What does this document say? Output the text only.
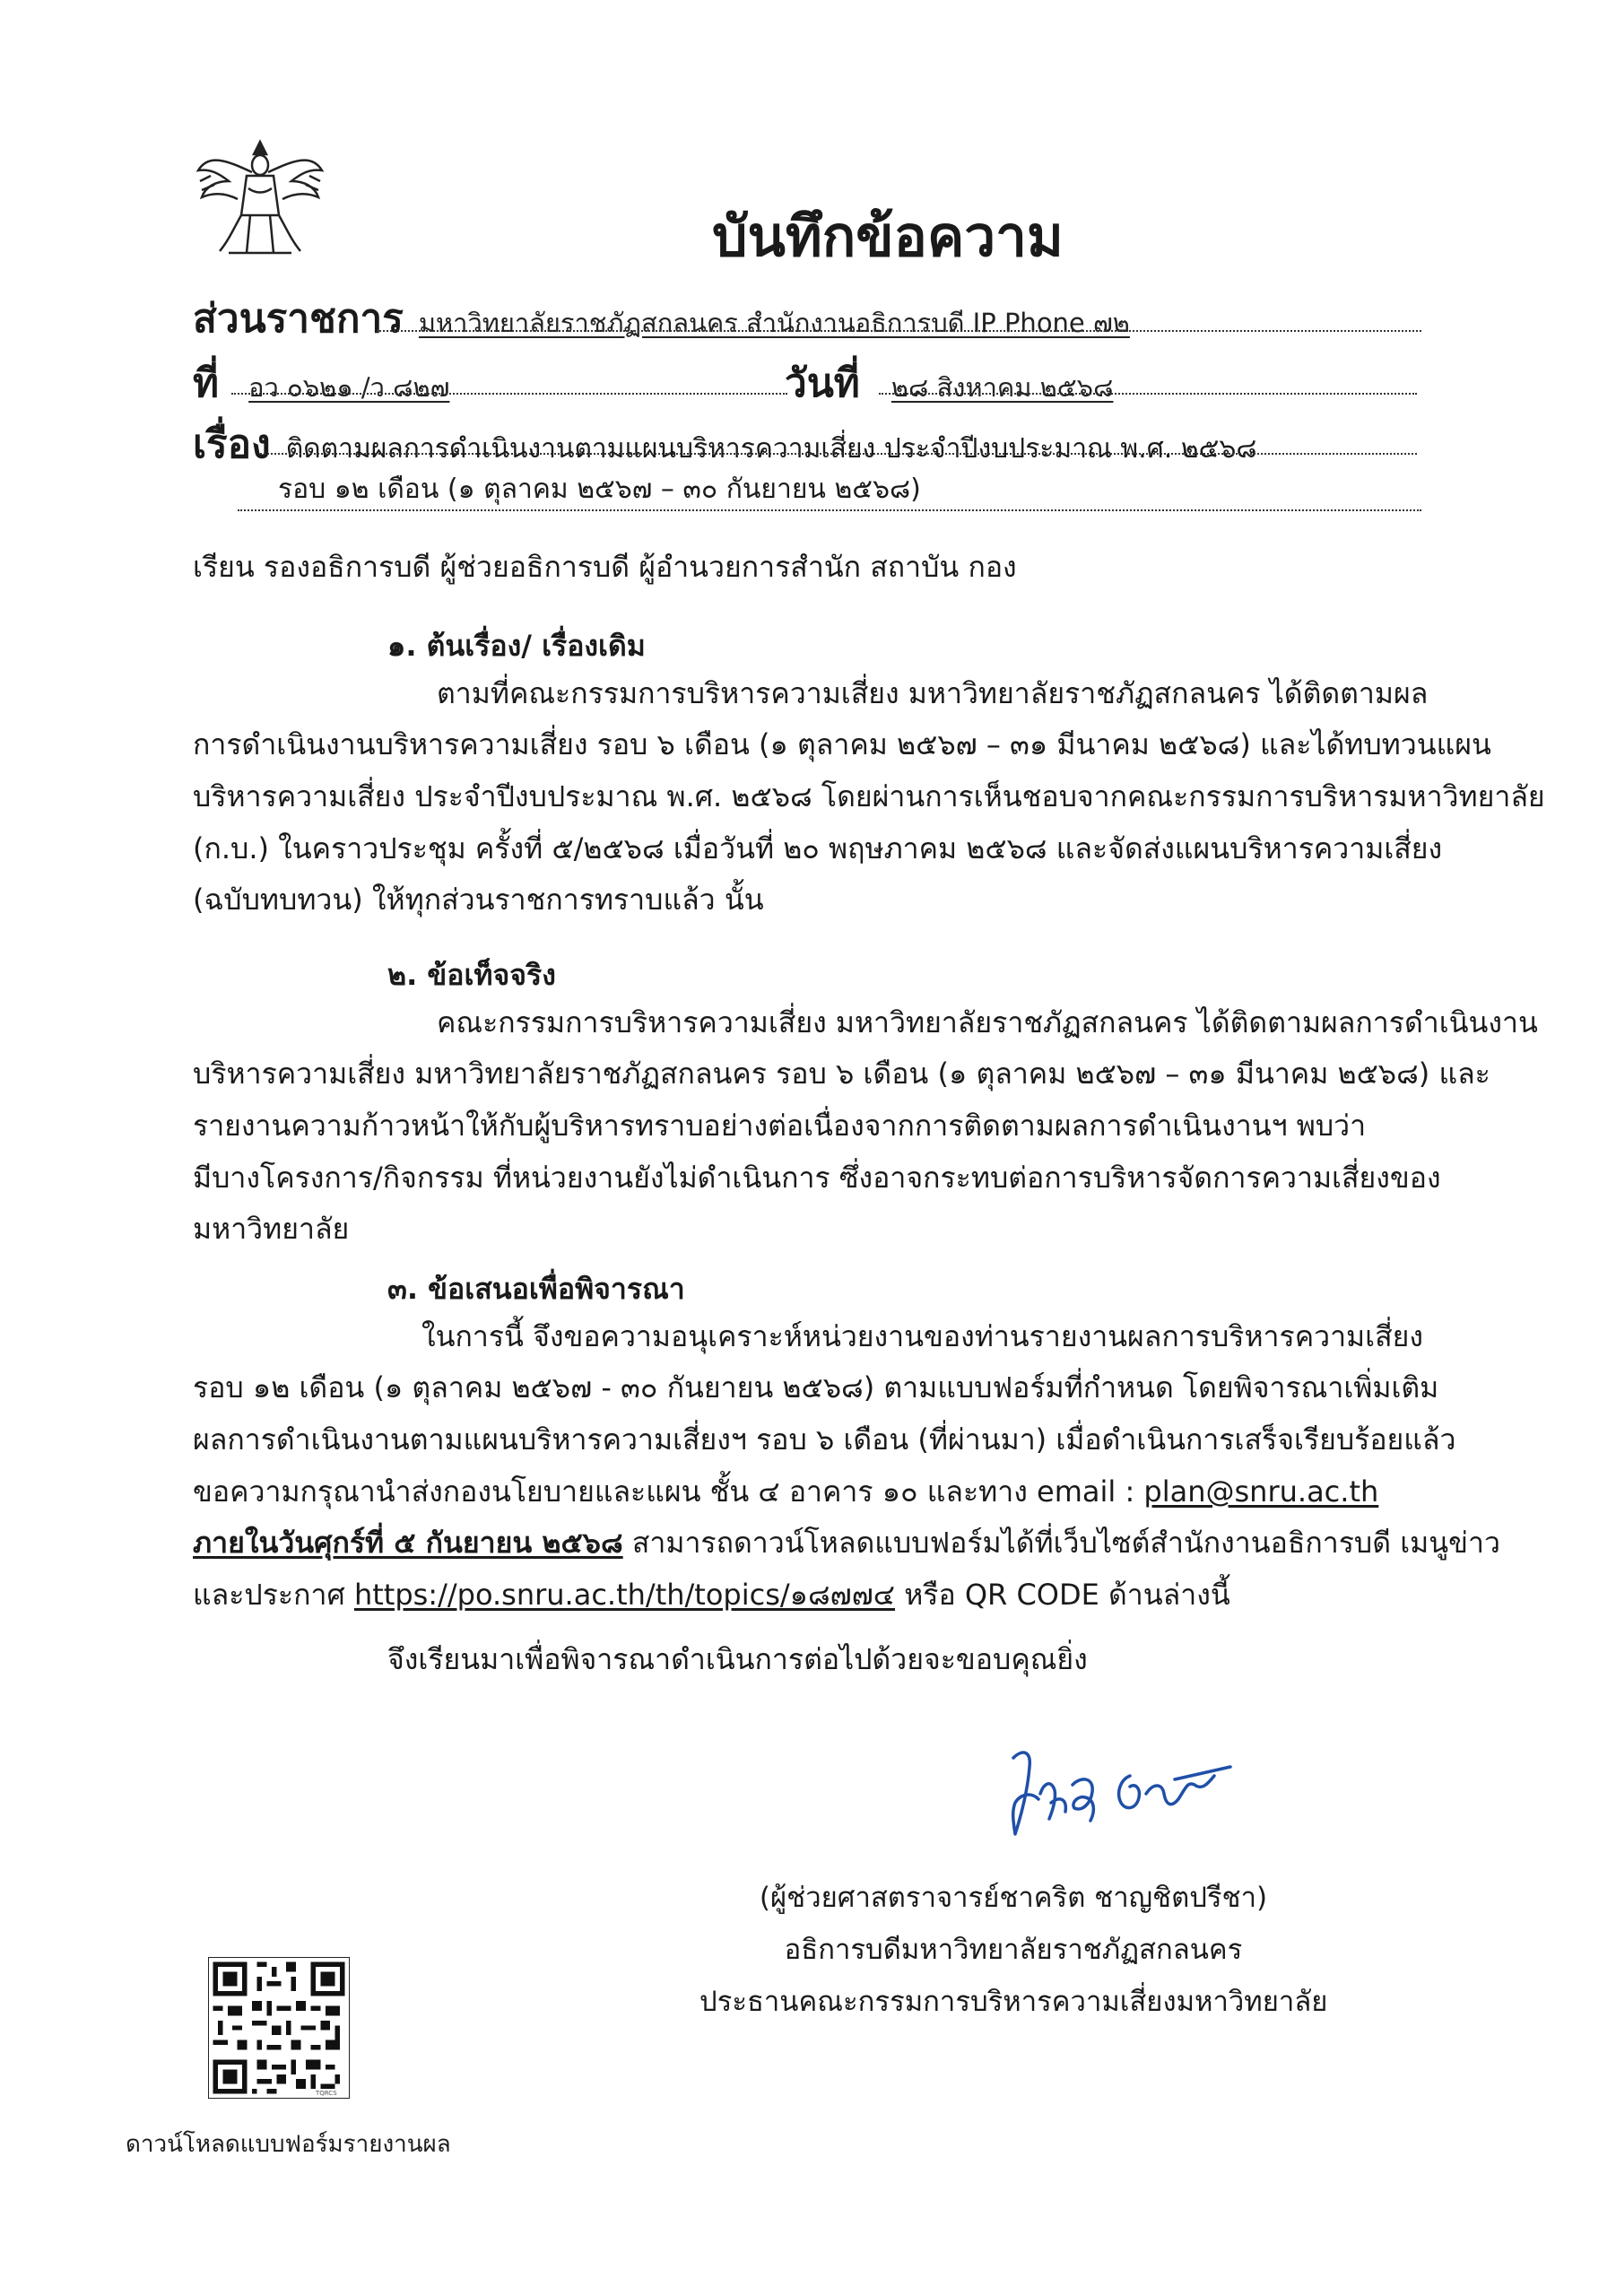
บันทึกข้อความ
ส่วนราชการ มหาวิทยาลัยราชภัฏสกลนคร สำนักงานอธิการบดี IP Phone ๗๒
ที่ อว ๐๖๒๑ /ว ๘๒๗	วันที่ ๒๘ สิงหาคม ๒๕๖๘
เรื่อง ติดตามผลการดำเนินงานตามแผนบริหารความเสี่ยง ประจำปีงบประมาณ พ.ศ. ๒๕๖๘
รอบ ๑๒ เดือน (๑ ตุลาคม ๒๕๖๗ – ๓๐ กันยายน ๒๕๖๘)
เรียน รองอธิการบดี ผู้ช่วยอธิการบดี ผู้อำนวยการสำนัก สถาบัน กอง
๑. ต้นเรื่อง/ เรื่องเดิม
ตามที่คณะกรรมการบริหารความเสี่ยง มหาวิทยาลัยราชภัฏสกลนคร ได้ติดตามผล
การดำเนินงานบริหารความเสี่ยง รอบ ๖ เดือน (๑ ตุลาคม ๒๕๖๗ – ๓๑ มีนาคม ๒๕๖๘) และได้ทบทวนแผน
บริหารความเสี่ยง ประจำปีงบประมาณ พ.ศ. ๒๕๖๘ โดยผ่านการเห็นชอบจากคณะกรรมการบริหารมหาวิทยาลัย
(ก.บ.) ในคราวประชุม ครั้งที่ ๕/๒๕๖๘ เมื่อวันที่ ๒๐ พฤษภาคม ๒๕๖๘ และจัดส่งแผนบริหารความเสี่ยง
(ฉบับทบทวน) ให้ทุกส่วนราชการทราบแล้ว นั้น
๒. ข้อเท็จจริง
คณะกรรมการบริหารความเสี่ยง มหาวิทยาลัยราชภัฏสกลนคร ได้ติดตามผลการดำเนินงาน
บริหารความเสี่ยง มหาวิทยาลัยราชภัฏสกลนคร รอบ ๖ เดือน (๑ ตุลาคม ๒๕๖๗ – ๓๑ มีนาคม ๒๕๖๘) และ
รายงานความก้าวหน้าให้กับผู้บริหารทราบอย่างต่อเนื่องจากการติดตามผลการดำเนินงานฯ พบว่า
มีบางโครงการ/กิจกรรม ที่หน่วยงานยังไม่ดำเนินการ ซึ่งอาจกระทบต่อการบริหารจัดการความเสี่ยงของ
มหาวิทยาลัย
๓. ข้อเสนอเพื่อพิจารณา
ในการนี้ จึงขอความอนุเคราะห์หน่วยงานของท่านรายงานผลการบริหารความเสี่ยง
รอบ ๑๒ เดือน (๑ ตุลาคม ๒๕๖๗ - ๓๐ กันยายน ๒๕๖๘) ตามแบบฟอร์มที่กำหนด โดยพิจารณาเพิ่มเติม
ผลการดำเนินงานตามแผนบริหารความเสี่ยงฯ รอบ ๖ เดือน (ที่ผ่านมา) เมื่อดำเนินการเสร็จเรียบร้อยแล้ว
ขอความกรุณานำส่งกองนโยบายและแผน ชั้น ๔ อาคาร ๑๐ และทาง email : plan@snru.ac.th
ภายในวันศุกร์ที่ ๕ กันยายน ๒๕๖๘ สามารถดาวน์โหลดแบบฟอร์มได้ที่เว็บไซต์สำนักงานอธิการบดี เมนูข่าว
และประกาศ https://po.snru.ac.th/th/topics/๑๘๗๗๔ หรือ QR CODE ด้านล่างนี้
จึงเรียนมาเพื่อพิจารณาดำเนินการต่อไปด้วยจะขอบคุณยิ่ง
(ผู้ช่วยศาสตราจารย์ชาคริต ชาญชิตปรีชา)
อธิการบดีมหาวิทยาลัยราชภัฏสกลนคร
ประธานคณะกรรมการบริหารความเสี่ยงมหาวิทยาลัย
TQRCS
ดาวน์โหลดแบบฟอร์มรายงานผล
